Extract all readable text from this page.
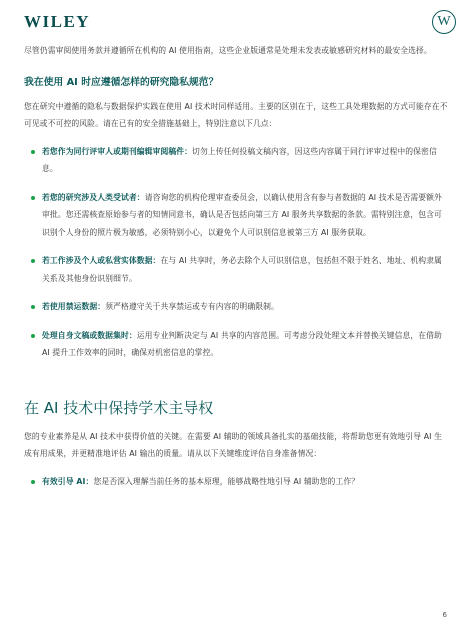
WILEY	W

尽管仍需审阅使用务款并遵循所在机构的 AI 使用指南，这些企业版通常是处理未发表或敏感研究材料的最安全选择。

我在使用 AI 时应遵循怎样的研究隐私规范？

您在研究中遵循的隐私与数据保护实践在使用 AI 技术时同样适用。主要的区别在于，这些工具处理数据的方式可能存在不可见或不可控的风险。请在已有的安全措施基础上，特别注意以下几点：

若您作为同行评审人或期刊编辑审阅稿件：切勿上传任何投稿文稿内容，因这些内容属于同行评审过程中的保密信息。
若您的研究涉及人类受试者：请咨询您的机构伦理审查委员会，以确认使用含有参与者数据的 AI 技术是否需要额外审批。您还需核查原始参与者的知情同意书，确认是否包括向第三方 AI 服务共享数据的条款。需特别注意，包含可识别个人身份的照片极为敏感，必须特别小心，以避免个人可识别信息被第三方 AI 服务获取。
若工作涉及个人或私营实体数据：在与 AI 共享时，务必去除个人可识别信息，包括但不限于姓名、地址、机构隶属关系及其他身份识别细节。
若使用禁运数据：须严格遵守关于共享禁运或专有内容的明确限制。
处理自身文稿或数据集时：运用专业判断决定与 AI 共享的内容范围。可考虑分段处理文本并替换关键信息，在借助 AI 提升工作效率的同时，确保对机密信息的掌控。
在 AI 技术中保持学术主导权

您的专业素养是从 AI 技术中获得价值的关键。在需要 AI 辅助的领域具备扎实的基础技能，将帮助您更有效地引导 AI 生成有用成果，并更精准地评估 AI 输出的质量。请从以下关键维度评估自身准备情况：

有效引导 AI：您是否深入理解当前任务的基本原理，能够战略性地引导 AI 辅助您的工作？
6
